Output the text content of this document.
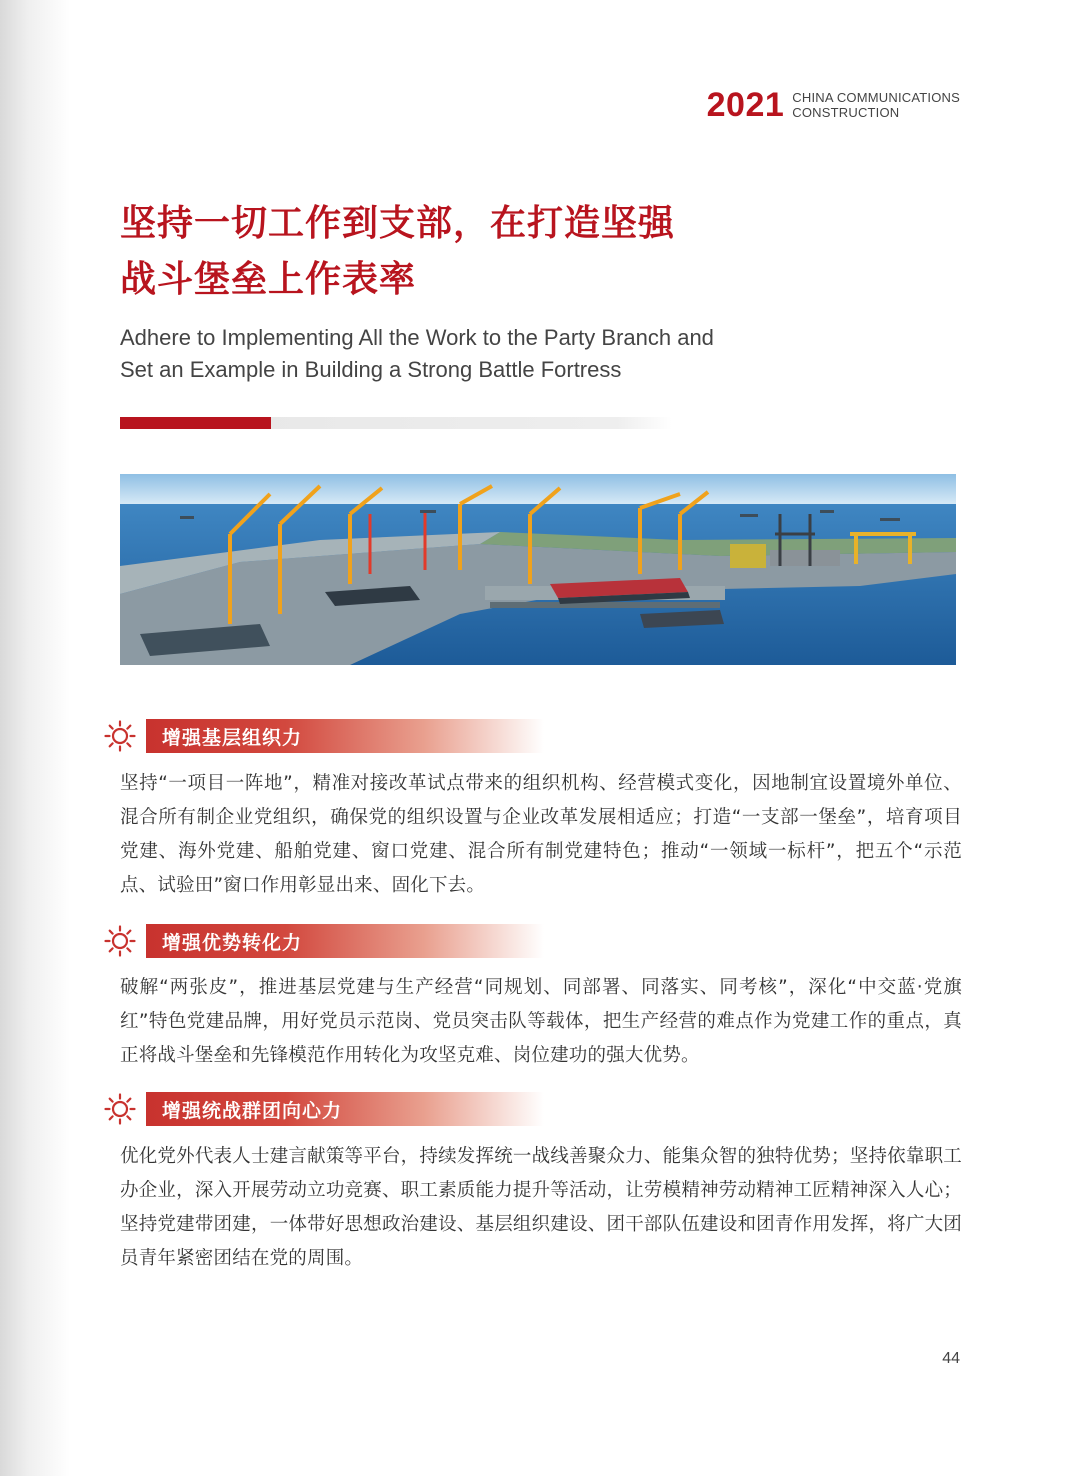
2021 CHINA COMMUNICATIONS
CONSTRUCTION
坚持一切工作到支部，在打造坚强
战斗堡垒上作表率
Adhere to Implementing All the Work to the Party Branch and
Set an Example in Building a Strong Battle Fortress
增强基层组织力
坚持“一项目一阵地”，精准对接改革试点带来的组织机构、经营模式变化，因地制宜设置境外单位、混合所有制企业党组织，确保党的组织设置与企业改革发展相适应；打造“一支部一堡垒”，培育项目党建、海外党建、船舶党建、窗口党建、混合所有制党建特色；推动“一领域一标杆”，把五个“示范点、试验田”窗口作用彰显出来、固化下去。
增强优势转化力
破解“两张皮”，推进基层党建与生产经营“同规划、同部署、同落实、同考核”，深化“中交蓝·党旗红”特色党建品牌，用好党员示范岗、党员突击队等载体，把生产经营的难点作为党建工作的重点，真正将战斗堡垒和先锋模范作用转化为攻坚克难、岗位建功的强大优势。
增强统战群团向心力
优化党外代表人士建言献策等平台，持续发挥统一战线善聚众力、能集众智的独特优势；坚持依靠职工办企业，深入开展劳动立功竞赛、职工素质能力提升等活动，让劳模精神劳动精神工匠精神深入人心；坚持党建带团建，一体带好思想政治建设、基层组织建设、团干部队伍建设和团青作用发挥，将广大团员青年紧密团结在党的周围。
44
